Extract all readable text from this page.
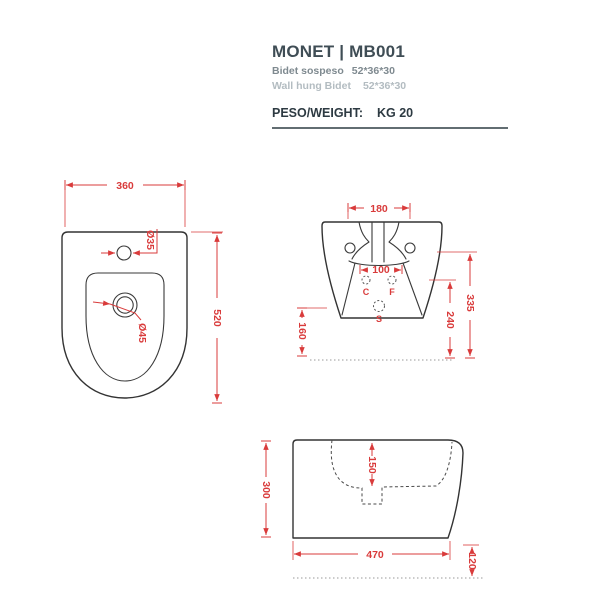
MONET | MB001
Bidet sospeso 52*36*30
Wall hung Bidet 52*36*30
PESO/WEIGHT: KG 20
360
520
Ø35
Ø45
C F
S
180
100
335
240
160
300
150
470	120
